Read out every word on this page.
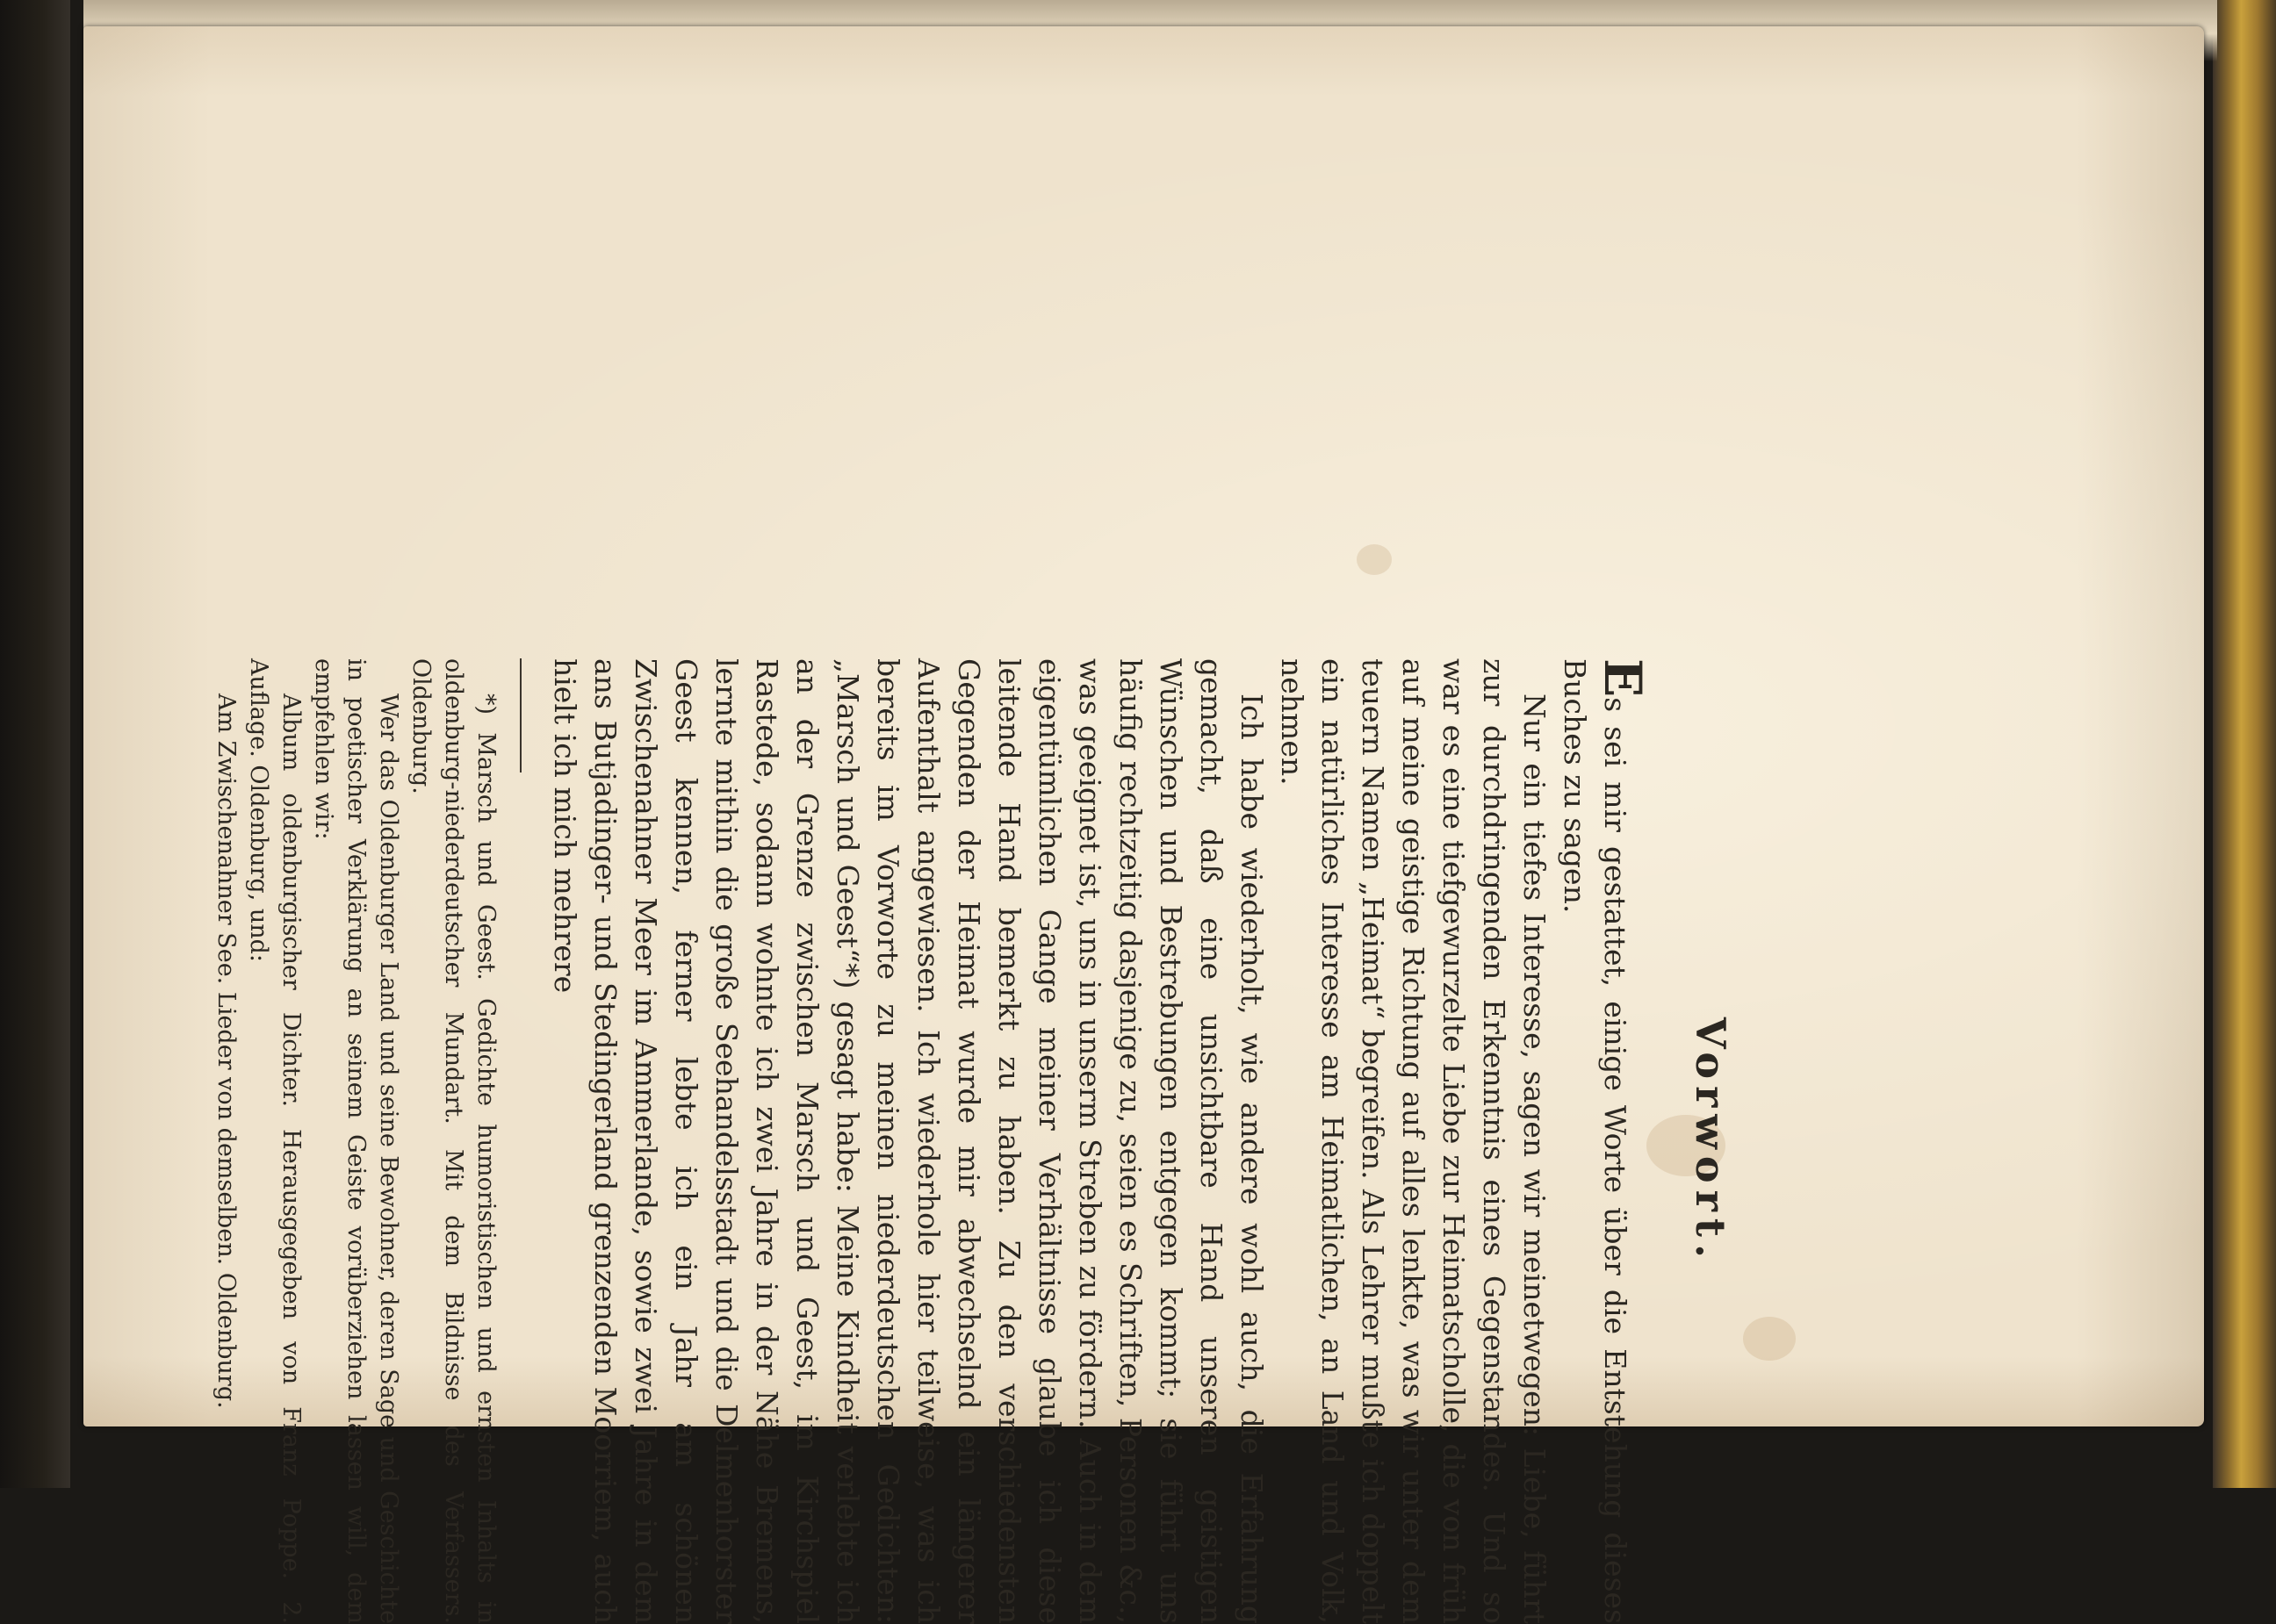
Vorwort.

Es sei mir gestattet, einige Worte über die Entstehung dieses Buches zu sagen.

Nur ein tiefes Interesse, sagen wir meinetwegen: Liebe, führt zur durchdringenden Erkenntnis eines Gegenstandes. Und so war es eine tiefgewurzelte Liebe zur Heimatscholle, die von früh auf meine geistige Richtung auf alles lenkte, was wir unter dem teuern Namen „Heimat“ begreifen. Als Lehrer mußte ich doppelt ein natürliches Interesse am Heimatlichen, an Land und Volk, nehmen.

Ich habe wiederholt, wie andere wohl auch, die Erfahrung gemacht, daß eine unsichtbare Hand unseren geistigen Wünschen und Bestrebungen entgegen kommt; sie führt uns häufig rechtzeitig dasjenige zu, seien es Schriften, Personen &c., was geeignet ist, uns in unserm Streben zu fördern. Auch in dem eigentümlichen Gange meiner Verhältnisse glaube ich diese leitende Hand bemerkt zu haben. Zu den verschiedensten Gegenden der Heimat wurde mir abwechselnd ein längerer Aufenthalt angewiesen. Ich wiederhole hier teilweise, was ich bereits im Vorworte zu meinen niederdeutschen Gedichten: „Marsch und Geest“*) gesagt habe: Meine Kindheit verlebte ich an der Grenze zwischen Marsch und Geest, im Kirchspiel Rastede, sodann wohnte ich zwei Jahre in der Nähe Bremens, lernte mithin die große Seehandelsstadt und die Delmenhorster Geest kennen, ferner lebte ich ein Jahr am schönen Zwischenahner Meer im Ammerlande, sowie zwei Jahre in dem ans Butjadinger- und Stedingerland grenzenden Moorriem, auch hielt ich mich mehrere

*) Marsch und Geest. Gedichte humoristischen und ernsten Inhalts in oldenburg-niederdeutscher Mundart. Mit dem Bildnisse des Verfassers. Oldenburg.

Wer das Oldenburger Land und seine Bewohner, deren Sage und Geschichte in poetischer Verklärung an seinem Geiste vorüberziehen lassen will, dem empfehlen wir:

Album oldenburgischer Dichter. Herausgegeben von Franz Poppe. 2. Auflage. Oldenburg, und:

Am Zwischenahner See. Lieder von demselben. Oldenburg.
